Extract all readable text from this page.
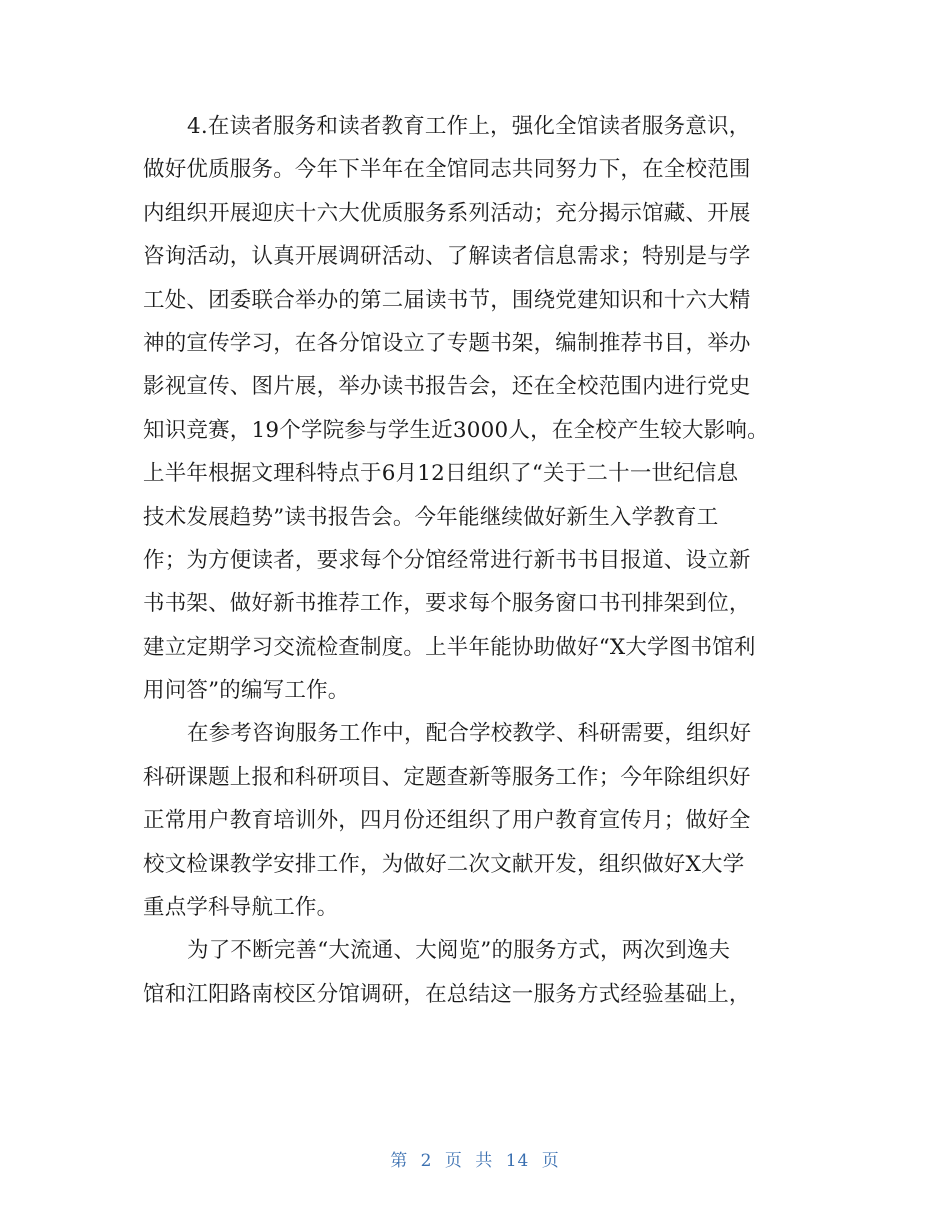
4.在读者服务和读者教育工作上，强化全馆读者服务意识，
做好优质服务。今年下半年在全馆同志共同努力下，在全校范围
内组织开展迎庆十六大优质服务系列活动；充分揭示馆藏、开展
咨询活动，认真开展调研活动、了解读者信息需求；特别是与学
工处、团委联合举办的第二届读书节，围绕党建知识和十六大精
神的宣传学习，在各分馆设立了专题书架，编制推荐书目，举办
影视宣传、图片展，举办读书报告会，还在全校范围内进行党史
知识竞赛，19个学院参与学生近3000人，在全校产生较大影响。
上半年根据文理科特点于6月12日组织了“关于二十一世纪信息
技术发展趋势”读书报告会。今年能继续做好新生入学教育工
作；为方便读者，要求每个分馆经常进行新书书目报道、设立新
书书架、做好新书推荐工作，要求每个服务窗口书刊排架到位，
建立定期学习交流检查制度。上半年能协助做好“X大学图书馆利
用问答”的编写工作。
在参考咨询服务工作中，配合学校教学、科研需要，组织好
科研课题上报和科研项目、定题查新等服务工作；今年除组织好
正常用户教育培训外，四月份还组织了用户教育宣传月；做好全
校文检课教学安排工作，为做好二次文献开发，组织做好X大学
重点学科导航工作。
为了不断完善“大流通、大阅览”的服务方式，两次到逸夫
馆和江阳路南校区分馆调研，在总结这一服务方式经验基础上，
第 2 页 共 14 页
